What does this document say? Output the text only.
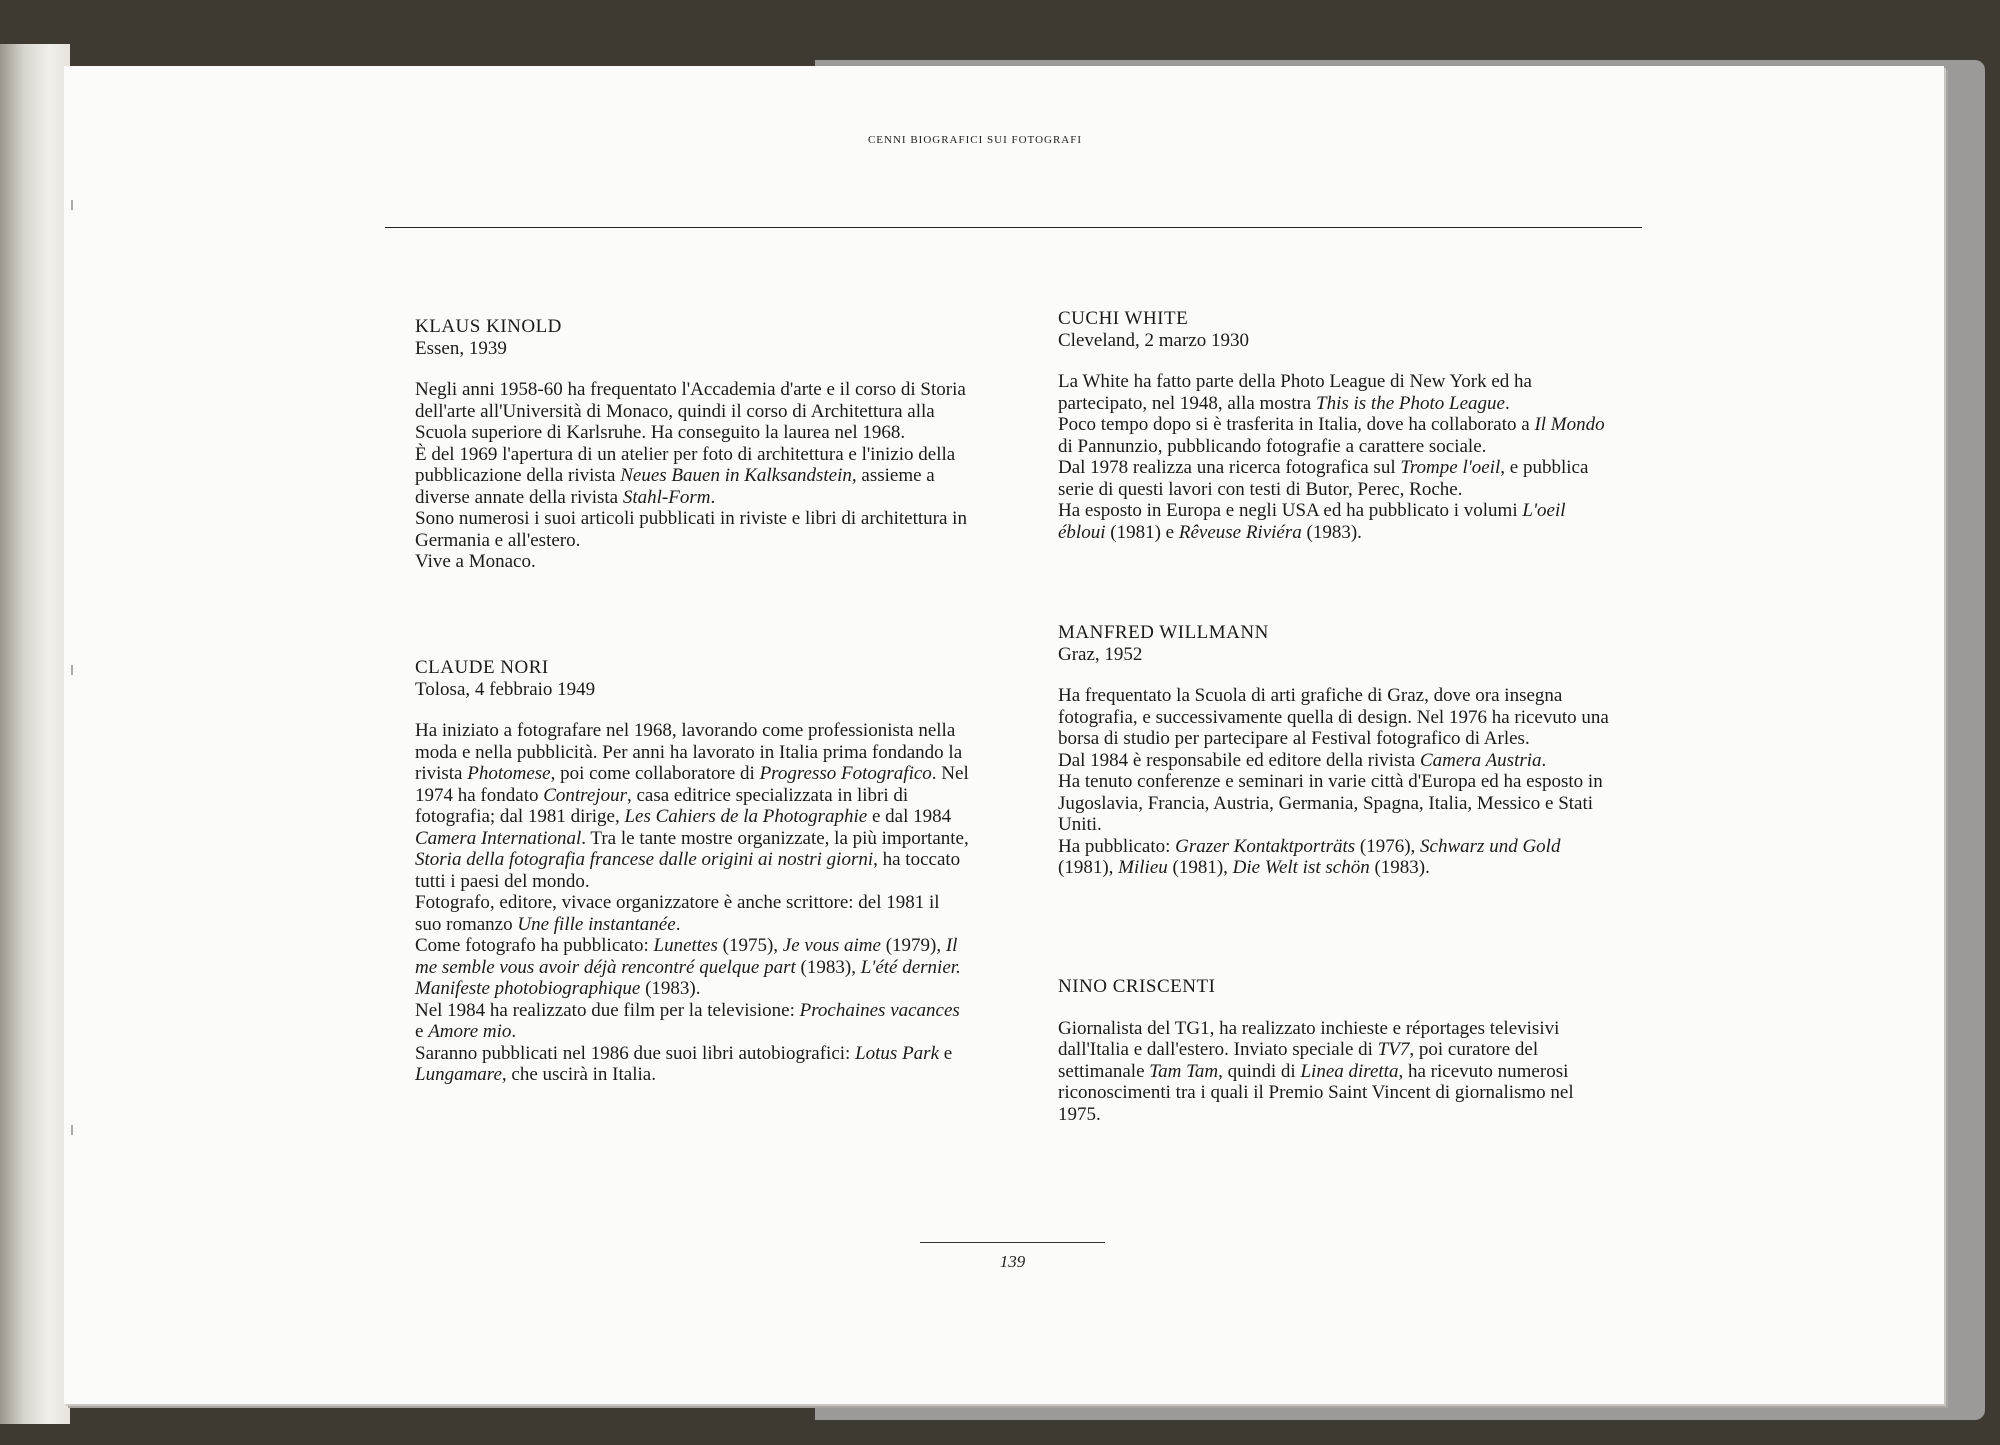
CENNI BIOGRAFICI SUI FOTOGRAFI

KLAUS KINOLD

Essen, 1939

Negli anni 1958-60 ha frequentato l'Accademia d'arte e il corso di Storia dell'arte all'Università di Monaco, quindi il corso di Architettura alla Scuola superiore di Karlsruhe. Ha conseguito la laurea nel 1968.

È del 1969 l'apertura di un atelier per foto di architettura e l'inizio della pubblicazione della rivista Neues Bauen in Kalksandstein, assieme a diverse annate della rivista Stahl-Form.

Sono numerosi i suoi articoli pubblicati in riviste e libri di architettura in Germania e all'estero.

Vive a Monaco.

CLAUDE NORI

Tolosa, 4 febbraio 1949

Ha iniziato a fotografare nel 1968, lavorando come professionista nella moda e nella pubblicità. Per anni ha lavorato in Italia prima fondando la rivista Photomese, poi come collaboratore di Progresso Fotografico. Nel 1974 ha fondato Contrejour, casa editrice specializzata in libri di fotografia; dal 1981 dirige, Les Cahiers de la Photographie e dal 1984 Camera International. Tra le tante mostre organizzate, la più importante, Storia della fotografia francese dalle origini ai nostri giorni, ha toccato tutti i paesi del mondo.

Fotografo, editore, vivace organizzatore è anche scrittore: del 1981 il suo romanzo Une fille instantanée.

Come fotografo ha pubblicato: Lunettes (1975), Je vous aime (1979), Il me semble vous avoir déjà rencontré quelque part (1983), L'été dernier. Manifeste photobiographique (1983).

Nel 1984 ha realizzato due film per la televisione: Prochaines vacances e Amore mio.

Saranno pubblicati nel 1986 due suoi libri autobiografici: Lotus Park e Lungamare, che uscirà in Italia.

CUCHI WHITE

Cleveland, 2 marzo 1930

La White ha fatto parte della Photo League di New York ed ha partecipato, nel 1948, alla mostra This is the Photo League.

Poco tempo dopo si è trasferita in Italia, dove ha collaborato a Il Mondo di Pannunzio, pubblicando fotografie a carattere sociale.

Dal 1978 realizza una ricerca fotografica sul Trompe l'oeil, e pubblica serie di questi lavori con testi di Butor, Perec, Roche.

Ha esposto in Europa e negli USA ed ha pubblicato i volumi L'oeil ébloui (1981) e Rêveuse Riviéra (1983).

MANFRED WILLMANN

Graz, 1952

Ha frequentato la Scuola di arti grafiche di Graz, dove ora insegna fotografia, e successivamente quella di design. Nel 1976 ha ricevuto una borsa di studio per partecipare al Festival fotografico di Arles.

Dal 1984 è responsabile ed editore della rivista Camera Austria.

Ha tenuto conferenze e seminari in varie città d'Europa ed ha esposto in Jugoslavia, Francia, Austria, Germania, Spagna, Italia, Messico e Stati Uniti.

Ha pubblicato: Grazer Kontaktporträts (1976), Schwarz und Gold (1981), Milieu (1981), Die Welt ist schön (1983).

NINO CRISCENTI

Giornalista del TG1, ha realizzato inchieste e réportages televisivi dall'Italia e dall'estero. Inviato speciale di TV7, poi curatore del settimanale Tam Tam, quindi di Linea diretta, ha ricevuto numerosi riconoscimenti tra i quali il Premio Saint Vincent di giornalismo nel 1975.

139
